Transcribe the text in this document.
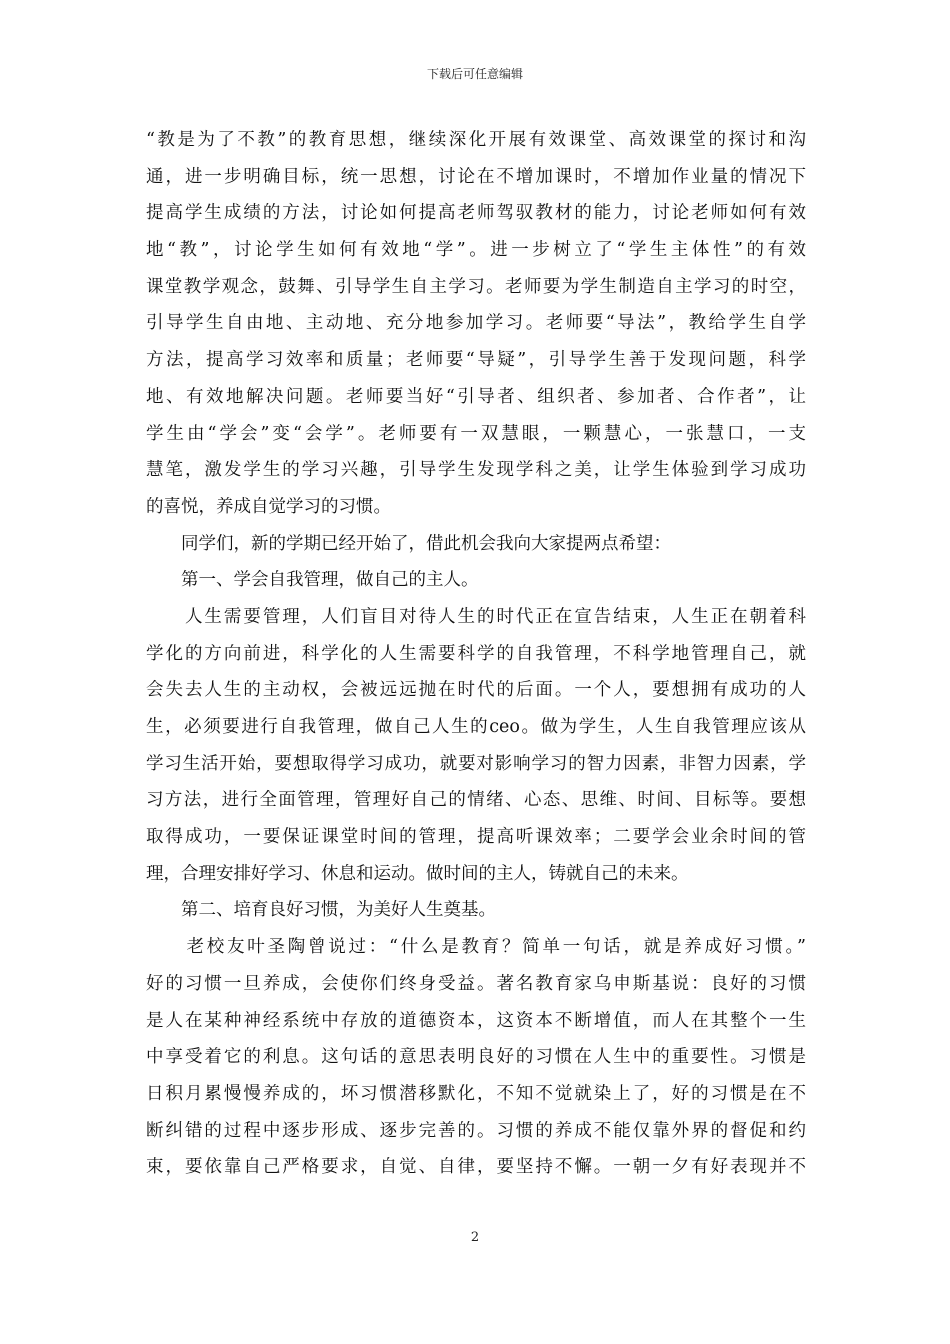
下载后可任意编辑
“教是为了不教”的教育思想，继续深化开展有效课堂、高效课堂的探讨和沟
通，进一步明确目标，统一思想，讨论在不增加课时，不增加作业量的情况下
提高学生成绩的方法，讨论如何提高老师驾驭教材的能力，讨论老师如何有效
地“教”，讨论学生如何有效地“学”。进一步树立了“学生主体性”的有效
课堂教学观念，鼓舞、引导学生自主学习。老师要为学生制造自主学习的时空，
引导学生自由地、主动地、充分地参加学习。老师要“导法”，教给学生自学
方法，提高学习效率和质量；老师要“导疑”，引导学生善于发现问题，科学
地、有效地解决问题。老师要当好“引导者、组织者、参加者、合作者”，让
学生由“学会”变“会学”。老师要有一双慧眼，一颗慧心，一张慧口，一支
慧笔，激发学生的学习兴趣，引导学生发现学科之美，让学生体验到学习成功
的喜悦，养成自觉学习的习惯。
　　同学们，新的学期已经开始了，借此机会我向大家提两点希望：
　　第一、学会自我管理，做自己的主人。
　　人生需要管理，人们盲目对待人生的时代正在宣告结束，人生正在朝着科
学化的方向前进，科学化的人生需要科学的自我管理，不科学地管理自己，就
会失去人生的主动权，会被远远抛在时代的后面。一个人，要想拥有成功的人
生，必须要进行自我管理，做自己人生的ceo。做为学生，人生自我管理应该从
学习生活开始，要想取得学习成功，就要对影响学习的智力因素，非智力因素，学
习方法，进行全面管理，管理好自己的情绪、心态、思维、时间、目标等。要想
取得成功，一要保证课堂时间的管理，提高听课效率；二要学会业余时间的管
理，合理安排好学习、休息和运动。做时间的主人，铸就自己的未来。
　　第二、培育良好习惯，为美好人生奠基。
　　老校友叶圣陶曾说过：“什么是教育？简单一句话，就是养成好习惯。”
好的习惯一旦养成，会使你们终身受益。著名教育家乌申斯基说：良好的习惯
是人在某种神经系统中存放的道德资本，这资本不断增值，而人在其整个一生
中享受着它的利息。这句话的意思表明良好的习惯在人生中的重要性。习惯是
日积月累慢慢养成的，坏习惯潜移默化，不知不觉就染上了，好的习惯是在不
断纠错的过程中逐步形成、逐步完善的。习惯的养成不能仅靠外界的督促和约
束，要依靠自己严格要求，自觉、自律，要坚持不懈。一朝一夕有好表现并不
2
